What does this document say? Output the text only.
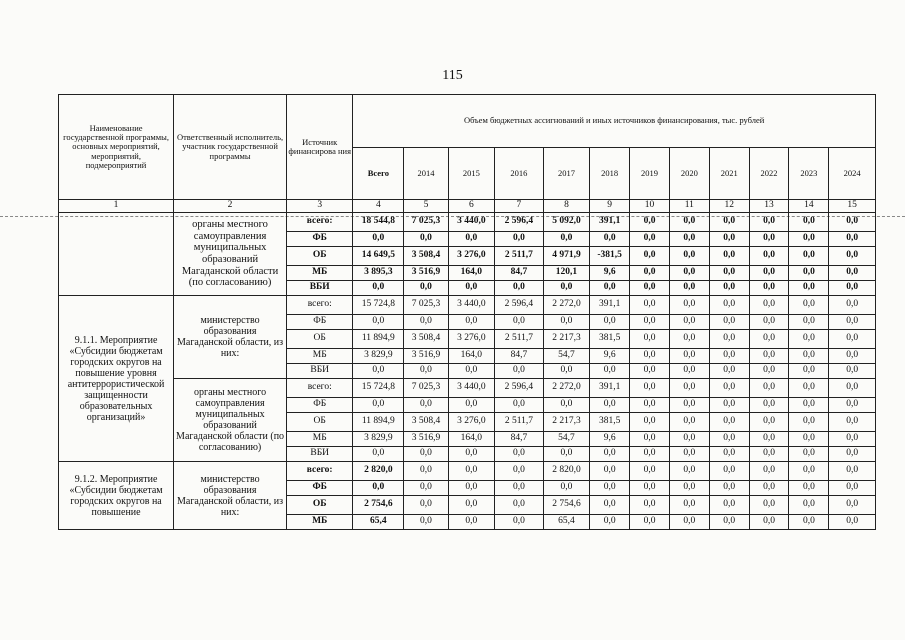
115
Наименование государственной программы, основных мероприятий, мероприятий, подмероприятий	Ответственный исполнитель, участник государственной программы	Источник финансирова ния	Объем бюджетных ассигнований и иных источников финансирования, тыс. рублей											
			Всего	2014	2015	2016	2017	2018	2019	2020	2021	2022	2023	2024
1	2	3	4	5	6	7	8	9	10	11	12	13	14	15
	органы местного самоуправления муниципальных образований Магаданской области (по согласованию)	всего:	18 544,8	7 025,3	3 440,0	2 596,4	5 092,0	391,1	0,0	0,0	0,0	0,0	0,0	0,0
		ФБ	0,0	0,0	0,0	0,0	0,0	0,0	0,0	0,0	0,0	0,0	0,0	0,0
		ОБ	14 649,5	3 508,4	3 276,0	2 511,7	4 971,9	-381,5	0,0	0,0	0,0	0,0	0,0	0,0
		МБ	3 895,3	3 516,9	164,0	84,7	120,1	9,6	0,0	0,0	0,0	0,0	0,0	0,0
		ВБИ	0,0	0,0	0,0	0,0	0,0	0,0	0,0	0,0	0,0	0,0	0,0	0,0
9.1.1. Мероприятие «Субсидии бюджетам городских округов на повышение уровня антитеррористической защищенности образовательных организаций»	министерство образования Магаданской области, из них:	всего:	15 724,8	7 025,3	3 440,0	2 596,4	2 272,0	391,1	0,0	0,0	0,0	0,0	0,0	0,0
		ФБ	0,0	0,0	0,0	0,0	0,0	0,0	0,0	0,0	0,0	0,0	0,0	0,0
		ОБ	11 894,9	3 508,4	3 276,0	2 511,7	2 217,3	381,5	0,0	0,0	0,0	0,0	0,0	0,0
		МБ	3 829,9	3 516,9	164,0	84,7	54,7	9,6	0,0	0,0	0,0	0,0	0,0	0,0
		ВБИ	0,0	0,0	0,0	0,0	0,0	0,0	0,0	0,0	0,0	0,0	0,0	0,0
	органы местного самоуправления муниципальных образований Магаданской области (по согласованию)	всего:	15 724,8	7 025,3	3 440,0	2 596,4	2 272,0	391,1	0,0	0,0	0,0	0,0	0,0	0,0
		ФБ	0,0	0,0	0,0	0,0	0,0	0,0	0,0	0,0	0,0	0,0	0,0	0,0
		ОБ	11 894,9	3 508,4	3 276,0	2 511,7	2 217,3	381,5	0,0	0,0	0,0	0,0	0,0	0,0
		МБ	3 829,9	3 516,9	164,0	84,7	54,7	9,6	0,0	0,0	0,0	0,0	0,0	0,0
		ВБИ	0,0	0,0	0,0	0,0	0,0	0,0	0,0	0,0	0,0	0,0	0,0	0,0
9.1.2. Мероприятие «Субсидии бюджетам городских округов на повышение	министерство образования Магаданской области, из них:	всего:	2 820,0	0,0	0,0	0,0	2 820,0	0,0	0,0	0,0	0,0	0,0	0,0	0,0
		ФБ	0,0	0,0	0,0	0,0	0,0	0,0	0,0	0,0	0,0	0,0	0,0	0,0
		ОБ	2 754,6	0,0	0,0	0,0	2 754,6	0,0	0,0	0,0	0,0	0,0	0,0	0,0
		МБ	65,4	0,0	0,0	0,0	65,4	0,0	0,0	0,0	0,0	0,0	0,0	0,0
